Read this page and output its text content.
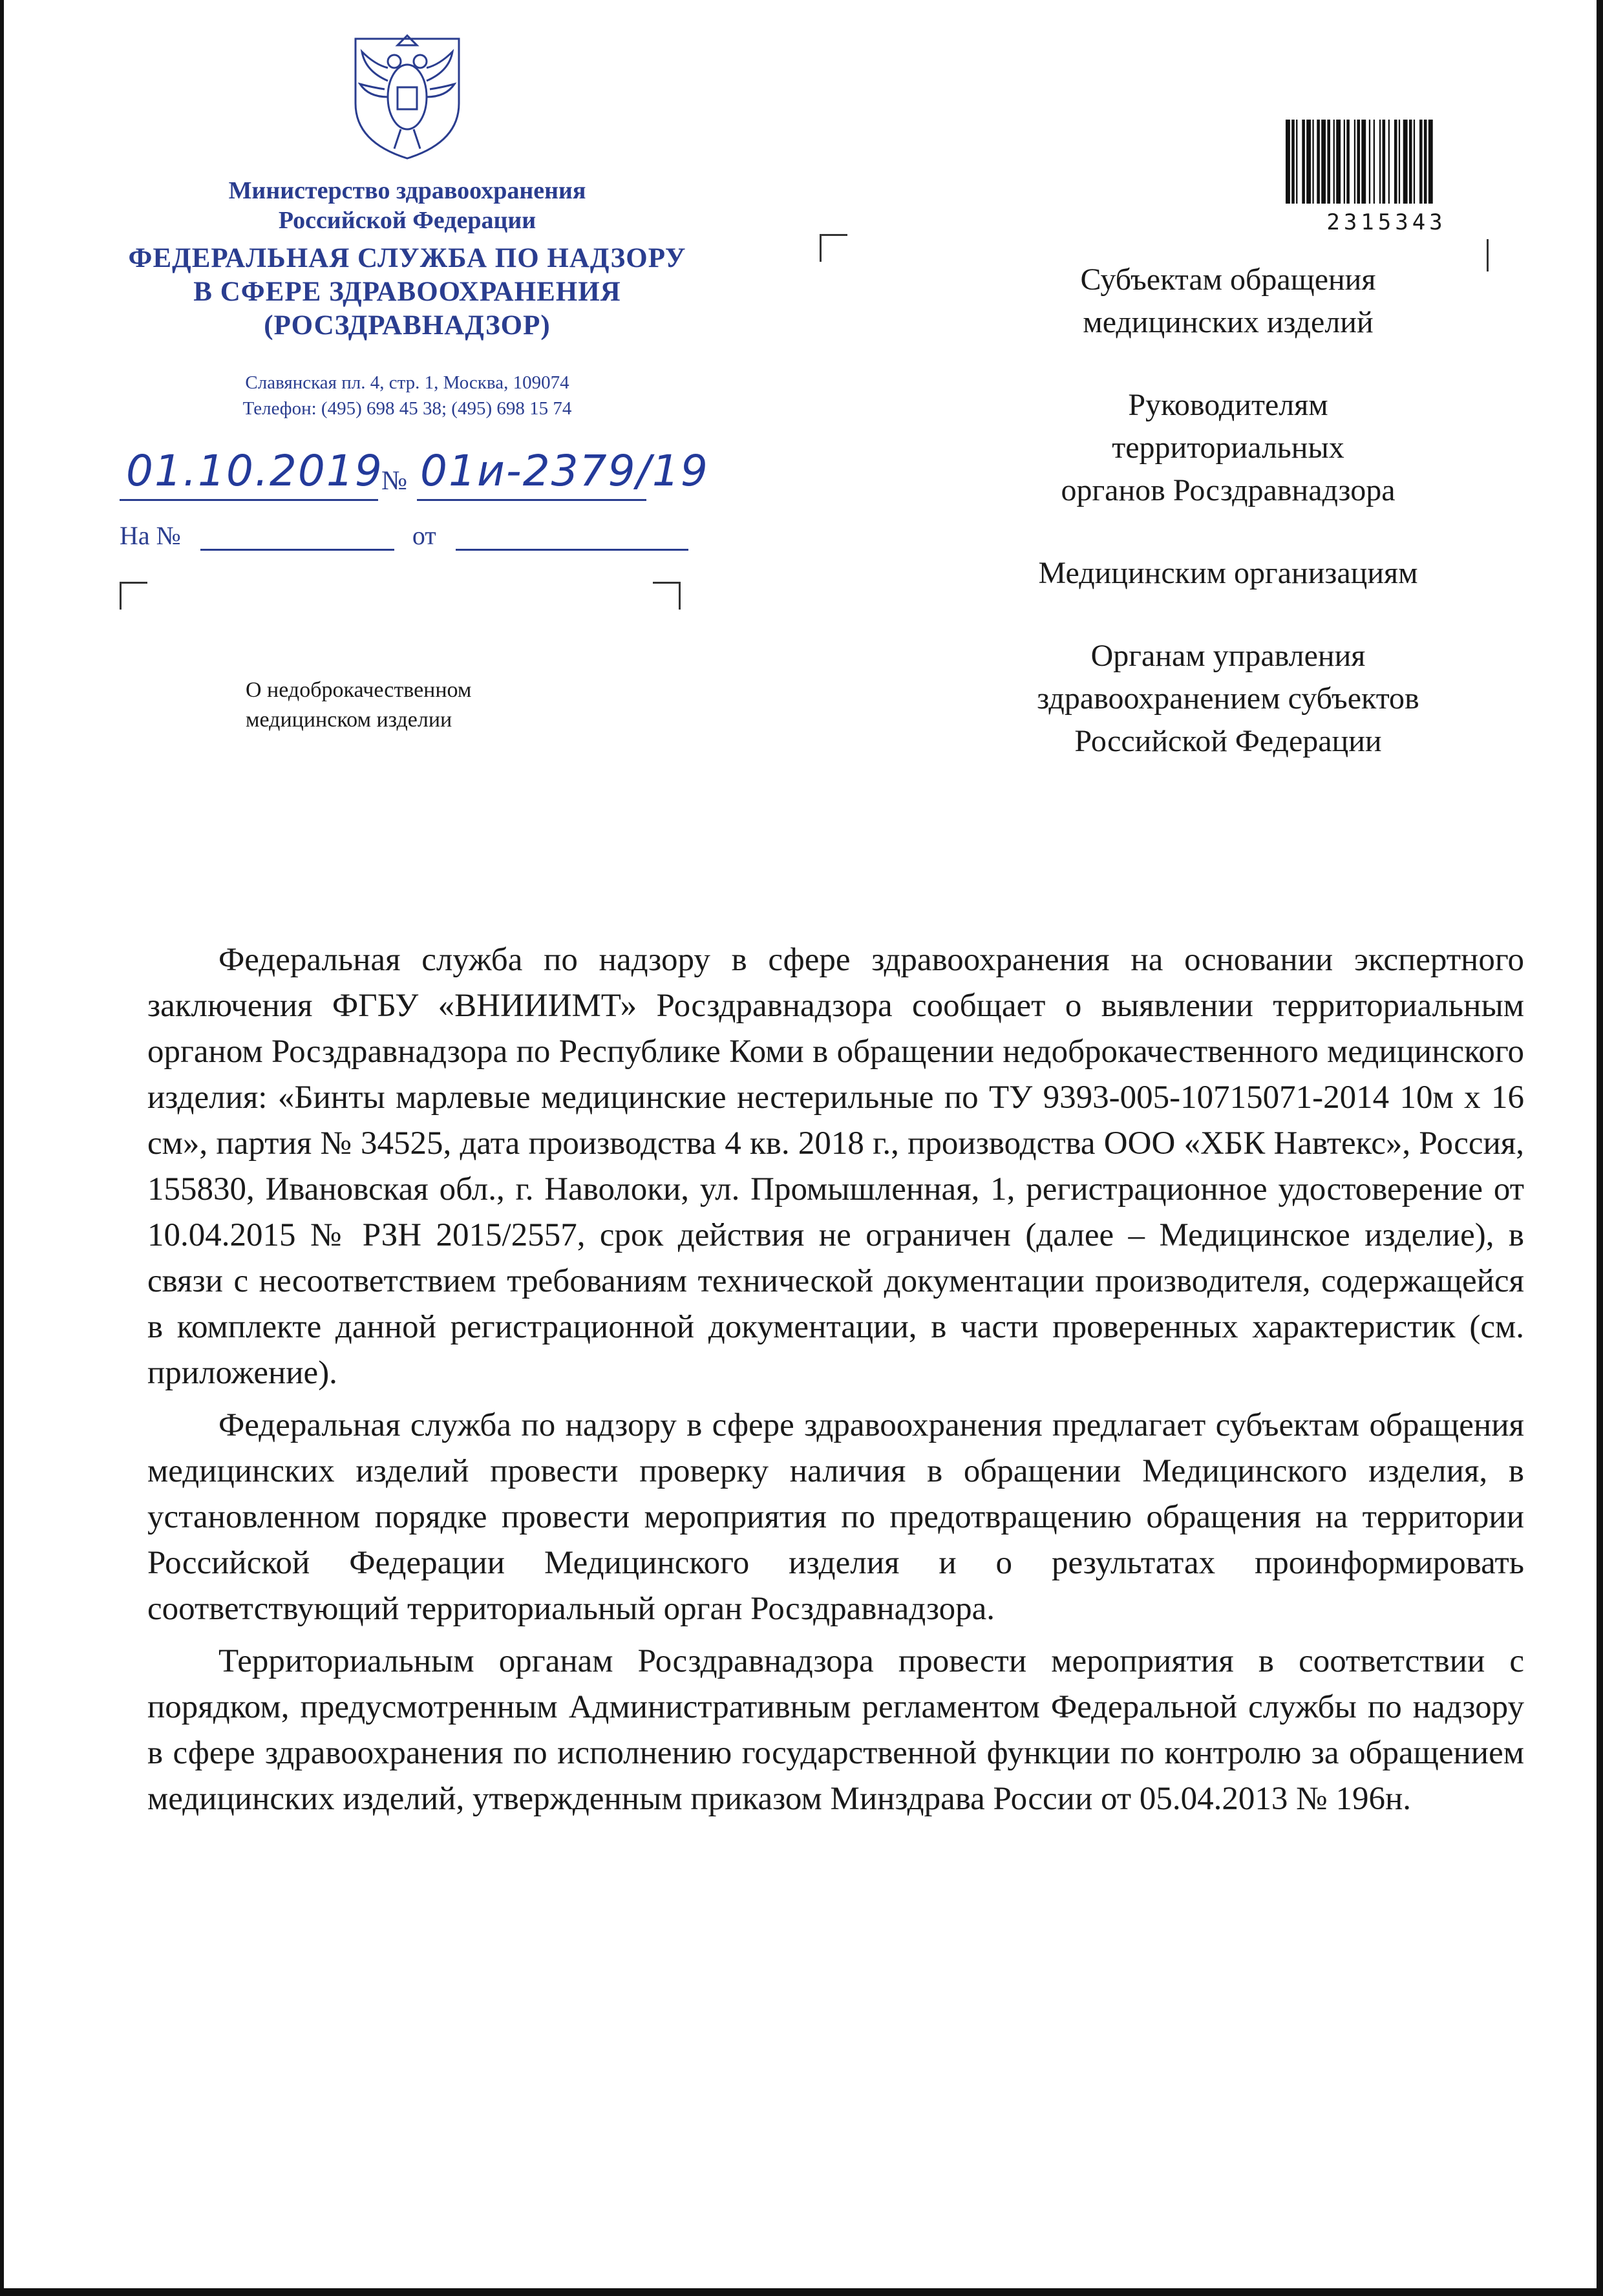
Министерство здравоохранения
Российской Федерации
ФЕДЕРАЛЬНАЯ СЛУЖБА ПО НАДЗОРУ
В СФЕРЕ ЗДРАВООХРАНЕНИЯ
(РОСЗДРАВНАДЗОР)
Славянская пл. 4, стр. 1, Москва, 109074
Телефон: (495) 698 45 38; (495) 698 15 74
01.10.2019
№ 01и-2379/19
На №	от
О недоброкачественном
медицинском изделии
2315343
Субъектам обращения
медицинских изделий
Руководителям
территориальных
органов Росздравнадзора
Медицинским организациям
Органам управления
здравоохранением субъектов
Российской Федерации

Федеральная служба по надзору в сфере здравоохранения на основании экспертного заключения ФГБУ «ВНИИИМТ» Росздравнадзора сообщает о выявлении территориальным органом Росздравнадзора по Республике Коми в обращении недоброкачественного медицинского изделия: «Бинты марлевые медицинские нестерильные по ТУ 9393-005-10715071-2014 10м х 16 см», партия № 34525, дата производства 4 кв. 2018 г., производства ООО «ХБК Навтекс», Россия, 155830, Ивановская обл., г. Наволоки, ул. Промышленная, 1, регистрационное удостоверение от 10.04.2015 № РЗН 2015/2557, срок действия не ограничен (далее – Медицинское изделие), в связи с несоответствием требованиям технической документации производителя, содержащейся в комплекте данной регистрационной документации, в части проверенных характеристик (см. приложение).

Федеральная служба по надзору в сфере здравоохранения предлагает субъектам обращения медицинских изделий провести проверку наличия в обращении Медицинского изделия, в установленном порядке провести мероприятия по предотвращению обращения на территории Российской Федерации Медицинского изделия и о результатах проинформировать соответствующий территориальный орган Росздравнадзора.

Территориальным органам Росздравнадзора провести мероприятия в соответствии с порядком, предусмотренным Административным регламентом Федеральной службы по надзору в сфере здравоохранения по исполнению государственной функции по контролю за обращением медицинских изделий, утвержденным приказом Минздрава России от 05.04.2013 № 196н.
